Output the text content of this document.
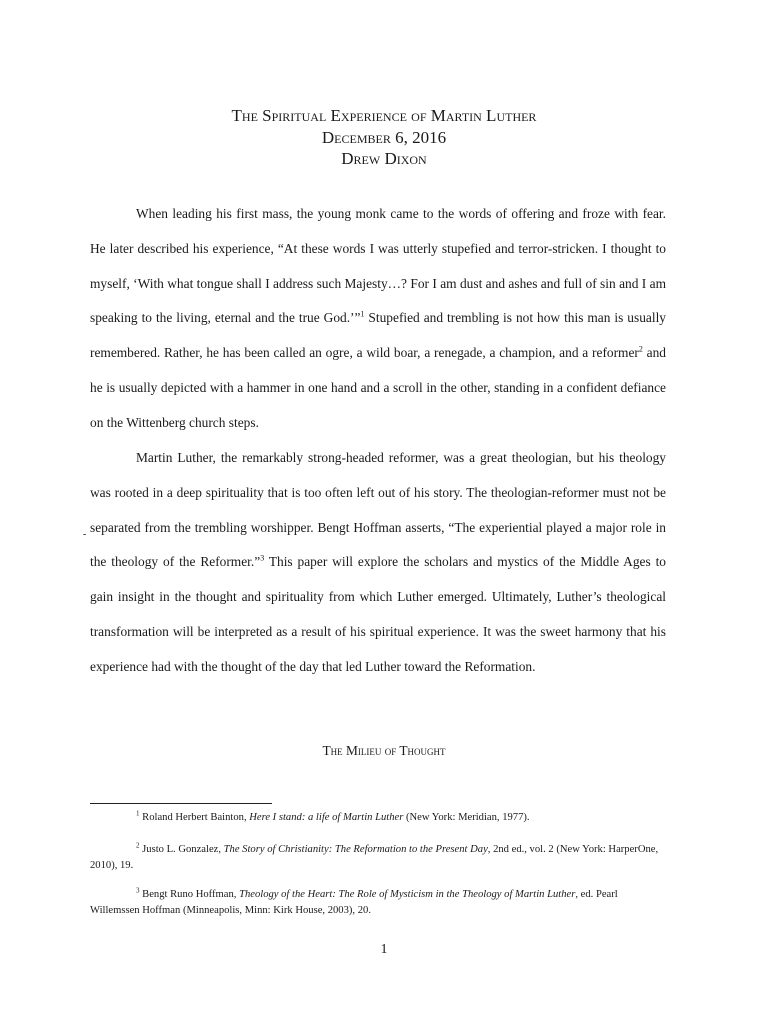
The Spiritual Experience of Martin Luther
December 6, 2016
Drew Dixon

When leading his first mass, the young monk came to the words of offering and froze with fear. He later described his experience, “At these words I was utterly stupefied and terror-stricken. I thought to myself, ‘With what tongue shall I address such Majesty…? For I am dust and ashes and full of sin and I am speaking to the living, eternal and the true God.’”$^1$ Stupefied and trembling is not how this man is usually remembered. Rather, he has been called an ogre, a wild boar, a renegade, a champion, and a reformer$^2$ and he is usually depicted with a hammer in one hand and a scroll in the other, standing in a confident defiance on the Wittenberg church steps.

-

Martin Luther, the remarkably strong-headed reformer, was a great theologian, but his theology was rooted in a deep spirituality that is too often left out of his story. The theologian-reformer must not be separated from the trembling worshipper. Bengt Hoffman asserts, “The experiential played a major role in the theology of the Reformer.”$^3$ This paper will explore the scholars and mystics of the Middle Ages to gain insight in the thought and spirituality from which Luther emerged. Ultimately, Luther’s theological transformation will be interpreted as a result of his spiritual experience. It was the sweet harmony that his experience had with the thought of the day that led Luther toward the Reformation.

The Milieu of Thought

$^1$ Roland Herbert Bainton, Here I stand: a life of Martin Luther (New York: Meridian, 1977).

$^2$ Justo L. Gonzalez, The Story of Christianity: The Reformation to the Present Day, 2nd ed., vol. 2 (New York: HarperOne, 2010), 19.

$^3$ Bengt Runo Hoffman, Theology of the Heart: The Role of Mysticism in the Theology of Martin Luther, ed. Pearl Willemssen Hoffman (Minneapolis, Minn: Kirk House, 2003), 20.

1
